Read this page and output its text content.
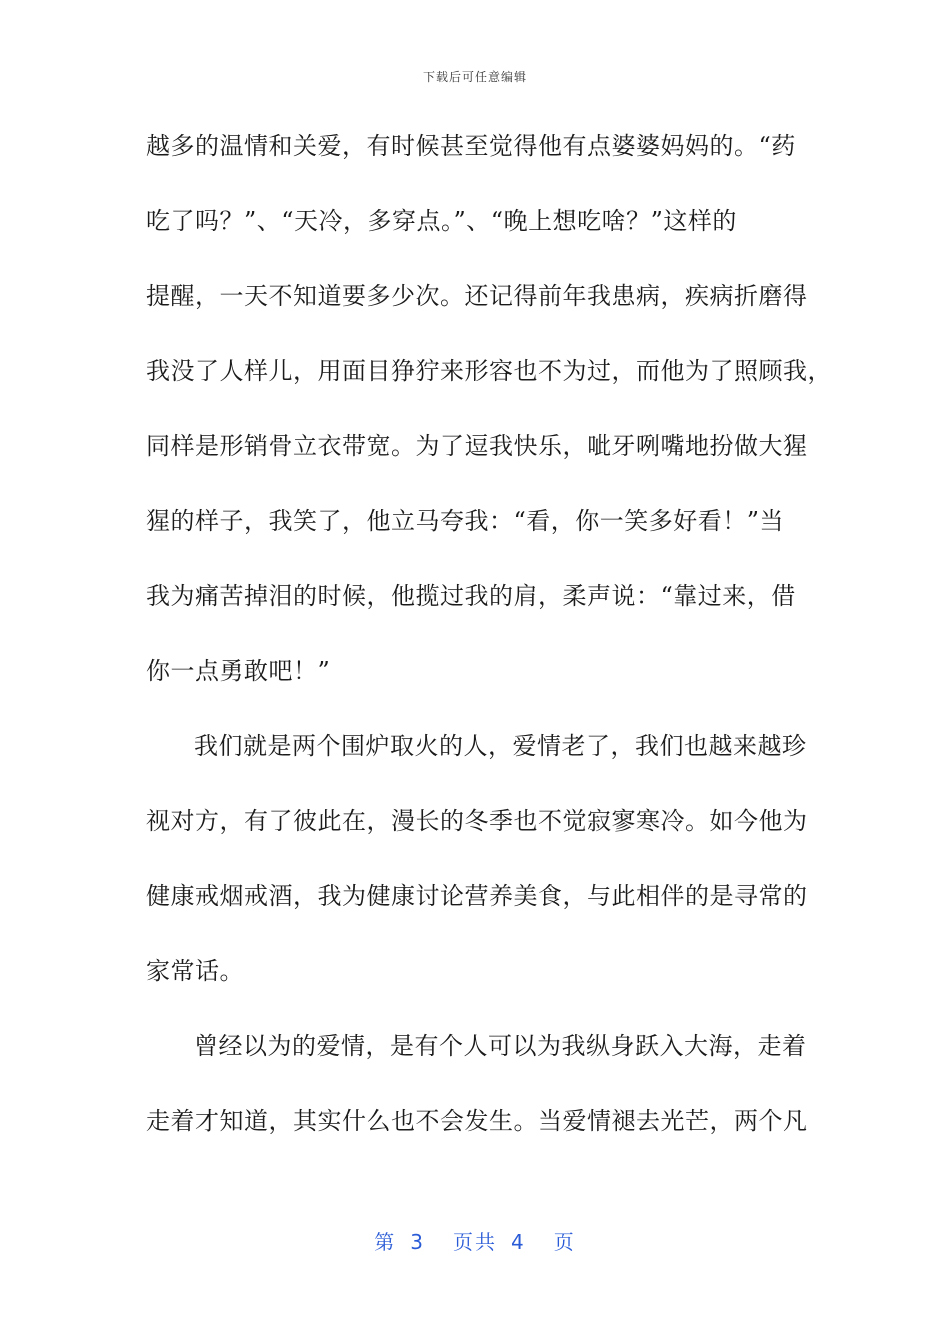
下载后可任意编辑
越多的温情和关爱，有时候甚至觉得他有点婆婆妈妈的。“药
吃了吗？”、“天冷，多穿点。”、“晚上想吃啥？”这样的
提醒，一天不知道要多少次。还记得前年我患病，疾病折磨得
我没了人样儿，用面目狰狞来形容也不为过，而他为了照顾我，
同样是形销骨立衣带宽。为了逗我快乐，呲牙咧嘴地扮做大猩
猩的样子，我笑了，他立马夸我：“看，你一笑多好看！”当
我为痛苦掉泪的时候，他揽过我的肩，柔声说：“靠过来，借
你一点勇敢吧！”
我们就是两个围炉取火的人，爱情老了，我们也越来越珍
视对方，有了彼此在，漫长的冬季也不觉寂寥寒冷。如今他为
健康戒烟戒酒，我为健康讨论营养美食，与此相伴的是寻常的
家常话。
曾经以为的爱情，是有个人可以为我纵身跃入大海，走着
走着才知道，其实什么也不会发生。当爱情褪去光芒，两个凡
第 3 页共 4 页
